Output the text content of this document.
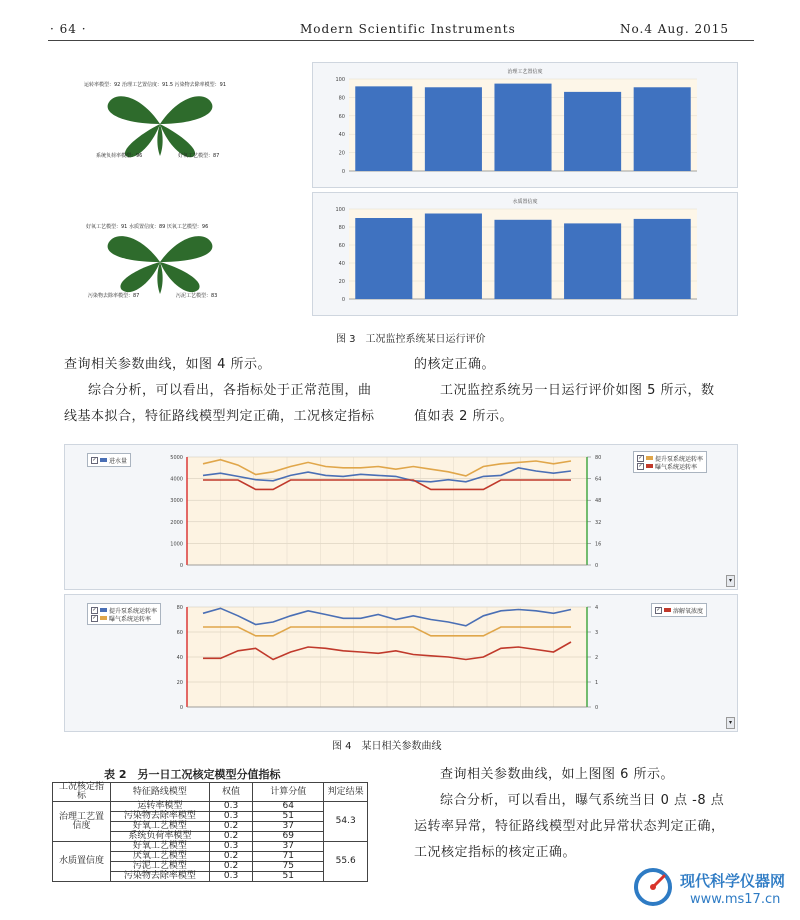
· 64 ·	Modern Scientific Instruments	No.4 Aug. 2015
运转率模型：92 治理工艺置信度：91.5 污染物去除率模型：91
系统负荷率模型：96	好氧工艺模型：87
好氧工艺模型：91 水质置信度：89 厌氧工艺模型：96
污染物去除率模型：87	污泥工艺模型：83
治理工艺置信度
0
20
40
60
80
100
水质置信度
0
20
40
60
80
100
图 3　工况监控系统某日运行评价
查询相关参数曲线，如图 4 所示。
综合分析，可以看出，各指标处于正常范围，曲
线基本拟合，特征路线模型判定正确，工况核定指标
的核定正确。
工况监控系统另一日运行评价如图 5 所示，数
值如表 2 所示。
0
1000
2000
3000
4000
5000
0
16
32
48
64
80
✓ 进水量	✓ 提升泵系统运转率
✓ 曝气系统运转率
▾
0
20
40
60
80
0
1
2
3
4
✓ 提升泵系统运转率
✓ 曝气系统运转率
✓ 溶解氧浓度
▾
图 4　某日相关参数曲线
表 2　另一日工况核定模型分值指标
工况核定指标	特征路线模型	权值	计算分值	判定结果
治理工艺置信度	运转率模型	0.3	64	54.3
	污染物去除率模型	0.3	51	
	好氧工艺模型	0.2	37	
	系统负荷率模型	0.2	69	
水质置信度	好氧工艺模型	0.3	37	55.6
	厌氧工艺模型	0.2	71	
	污泥工艺模型	0.2	75	
	污染物去除率模型	0.3	51	
查询相关参数曲线，如上图图 6 所示。
综合分析，可以看出，曝气系统当日 0 点 -8 点
运转率异常，特征路线模型对此异常状态判定正确，
工况核定指标的核定正确。
现代科学仪器网
www.ms17.cn
